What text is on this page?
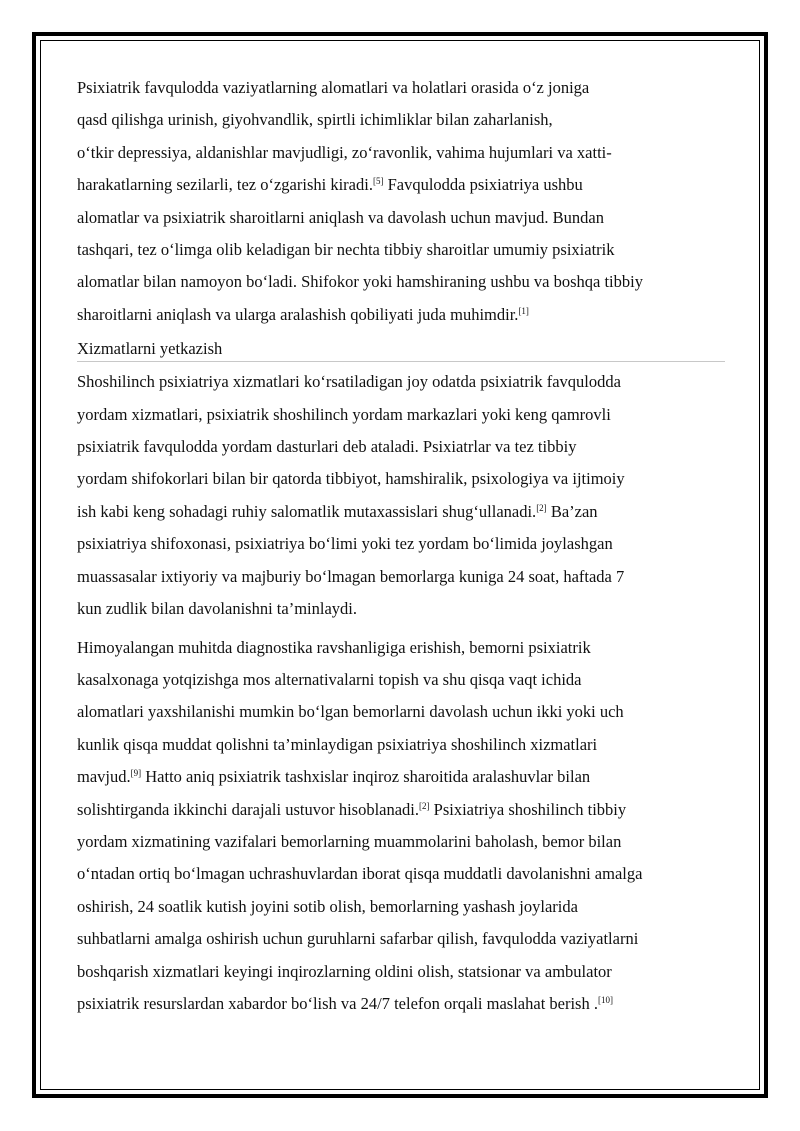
Psixiatrik favqulodda vaziyatlarning alomatlari va holatlari orasida o‘z joniga
qasd qilishga urinish, giyohvandlik, spirtli ichimliklar bilan zaharlanish,
o‘tkir depressiya, aldanishlar mavjudligi, zo‘ravonlik, vahima hujumlari va xatti-
harakatlarning sezilarli, tez o‘zgarishi kiradi.[5] Favqulodda psixiatriya ushbu
alomatlar va psixiatrik sharoitlarni aniqlash va davolash uchun mavjud. Bundan
tashqari, tez o‘limga olib keladigan bir nechta tibbiy sharoitlar umumiy psixiatrik
alomatlar bilan namoyon bo‘ladi. Shifokor yoki hamshiraning ushbu va boshqa tibbiy
sharoitlarni aniqlash va ularga aralashish qobiliyati juda muhimdir.[1]

Xizmatlarni yetkazish

Shoshilinch psixiatriya xizmatlari ko‘rsatiladigan joy odatda psixiatrik favqulodda
yordam xizmatlari, psixiatrik shoshilinch yordam markazlari yoki keng qamrovli
psixiatrik favqulodda yordam dasturlari deb ataladi. Psixiatrlar va tez tibbiy
yordam shifokorlari bilan bir qatorda tibbiyot, hamshiralik, psixologiya va ijtimoiy
ish kabi keng sohadagi ruhiy salomatlik mutaxassislari shug‘ullanadi.[2] Ba’zan
psixiatriya shifoxonasi, psixiatriya bo‘limi yoki tez yordam bo‘limida joylashgan
muassasalar ixtiyoriy va majburiy bo‘lmagan bemorlarga kuniga 24 soat, haftada 7
kun zudlik bilan davolanishni ta’minlaydi.

Himoyalangan muhitda diagnostika ravshanligiga erishish, bemorni psixiatrik
kasalxonaga yotqizishga mos alternativalarni topish va shu qisqa vaqt ichida
alomatlari yaxshilanishi mumkin bo‘lgan bemorlarni davolash uchun ikki yoki uch
kunlik qisqa muddat qolishni ta’minlaydigan psixiatriya shoshilinch xizmatlari
mavjud.[9] Hatto aniq psixiatrik tashxislar inqiroz sharoitida aralashuvlar bilan
solishtirganda ikkinchi darajali ustuvor hisoblanadi.[2] Psixiatriya shoshilinch tibbiy
yordam xizmatining vazifalari bemorlarning muammolarini baholash, bemor bilan
o‘ntadan ortiq bo‘lmagan uchrashuvlardan iborat qisqa muddatli davolanishni amalga
oshirish, 24 soatlik kutish joyini sotib olish, bemorlarning yashash joylarida
suhbatlarni amalga oshirish uchun guruhlarni safarbar qilish, favqulodda vaziyatlarni
boshqarish xizmatlari keyingi inqirozlarning oldini olish, statsionar va ambulator
psixiatrik resurslardan xabardor bo‘lish va 24/7 telefon orqali maslahat berish .[10]
